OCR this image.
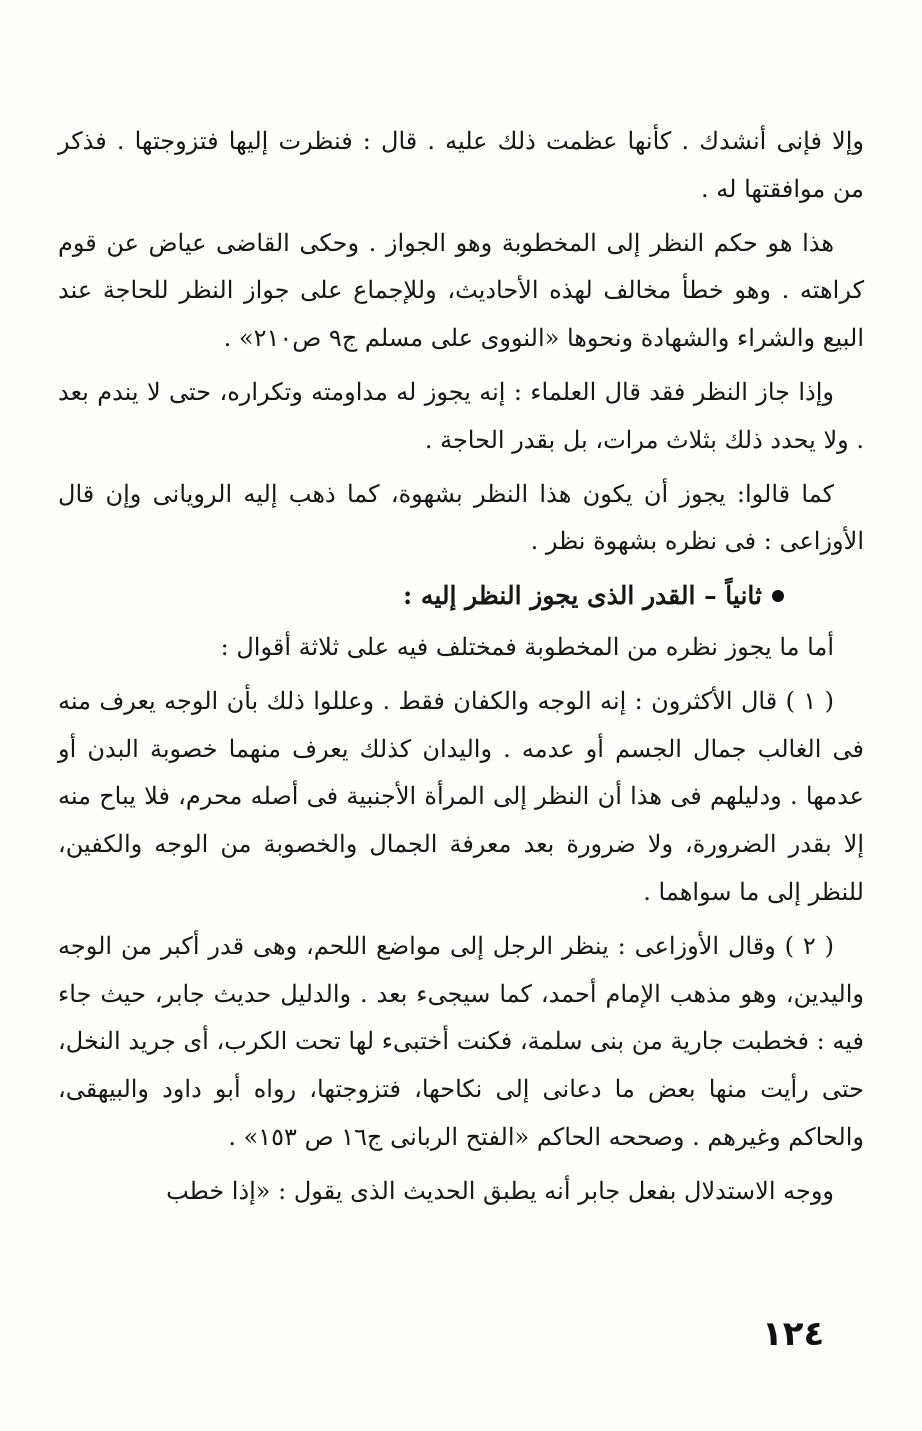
وإلا فإنى أنشدك . كأنها عظمت ذلك عليه . قال : فنظرت إليها فتزوجتها . فذكر من موافقتها له .

هذا هو حكم النظر إلى المخطوبة وهو الجواز . وحكى القاضى عياض عن قوم كراهته . وهو خطأ مخالف لهذه الأحاديث، وللإجماع على جواز النظر للحاجة عند البيع والشراء والشهادة ونحوها «النووى على مسلم ج٩ ص٢١٠» .

وإذا جاز النظر فقد قال العلماء : إنه يجوز له مداومته وتكراره، حتى لا يندم بعد . ولا يحدد ذلك بثلاث مرات، بل بقدر الحاجة .

كما قالوا: يجوز أن يكون هذا النظر بشهوة، كما ذهب إليه الرويانى وإن قال الأوزاعى : فى نظره بشهوة نظر .

ثانياً – القدر الذى يجوز النظر إليه :

أما ما يجوز نظره من المخطوبة فمختلف فيه على ثلاثة أقوال :

( ١ ) قال الأكثرون : إنه الوجه والكفان فقط . وعللوا ذلك بأن الوجه يعرف منه فى الغالب جمال الجسم أو عدمه . واليدان كذلك يعرف منهما خصوبة البدن أو عدمها . ودليلهم فى هذا أن النظر إلى المرأة الأجنبية فى أصله محرم، فلا يباح منه إلا بقدر الضرورة، ولا ضرورة بعد معرفة الجمال والخصوبة من الوجه والكفين، للنظر إلى ما سواهما .

( ٢ ) وقال الأوزاعى : ينظر الرجل إلى مواضع اللحم، وهى قدر أكبر من الوجه واليدين، وهو مذهب الإمام أحمد، كما سيجىء بعد . والدليل حديث جابر، حيث جاء فيه : فخطبت جارية من بنى سلمة، فكنت أختبىء لها تحت الكرب، أى جريد النخل، حتى رأيت منها بعض ما دعانى إلى نكاحها، فتزوجتها، رواه أبو داود والبيهقى، والحاكم وغيرهم . وصححه الحاكم «الفتح الربانى ج١٦ ص ١٥٣» .

ووجه الاستدلال بفعل جابر أنه يطبق الحديث الذى يقول : «إذا خطب

١٢٤
